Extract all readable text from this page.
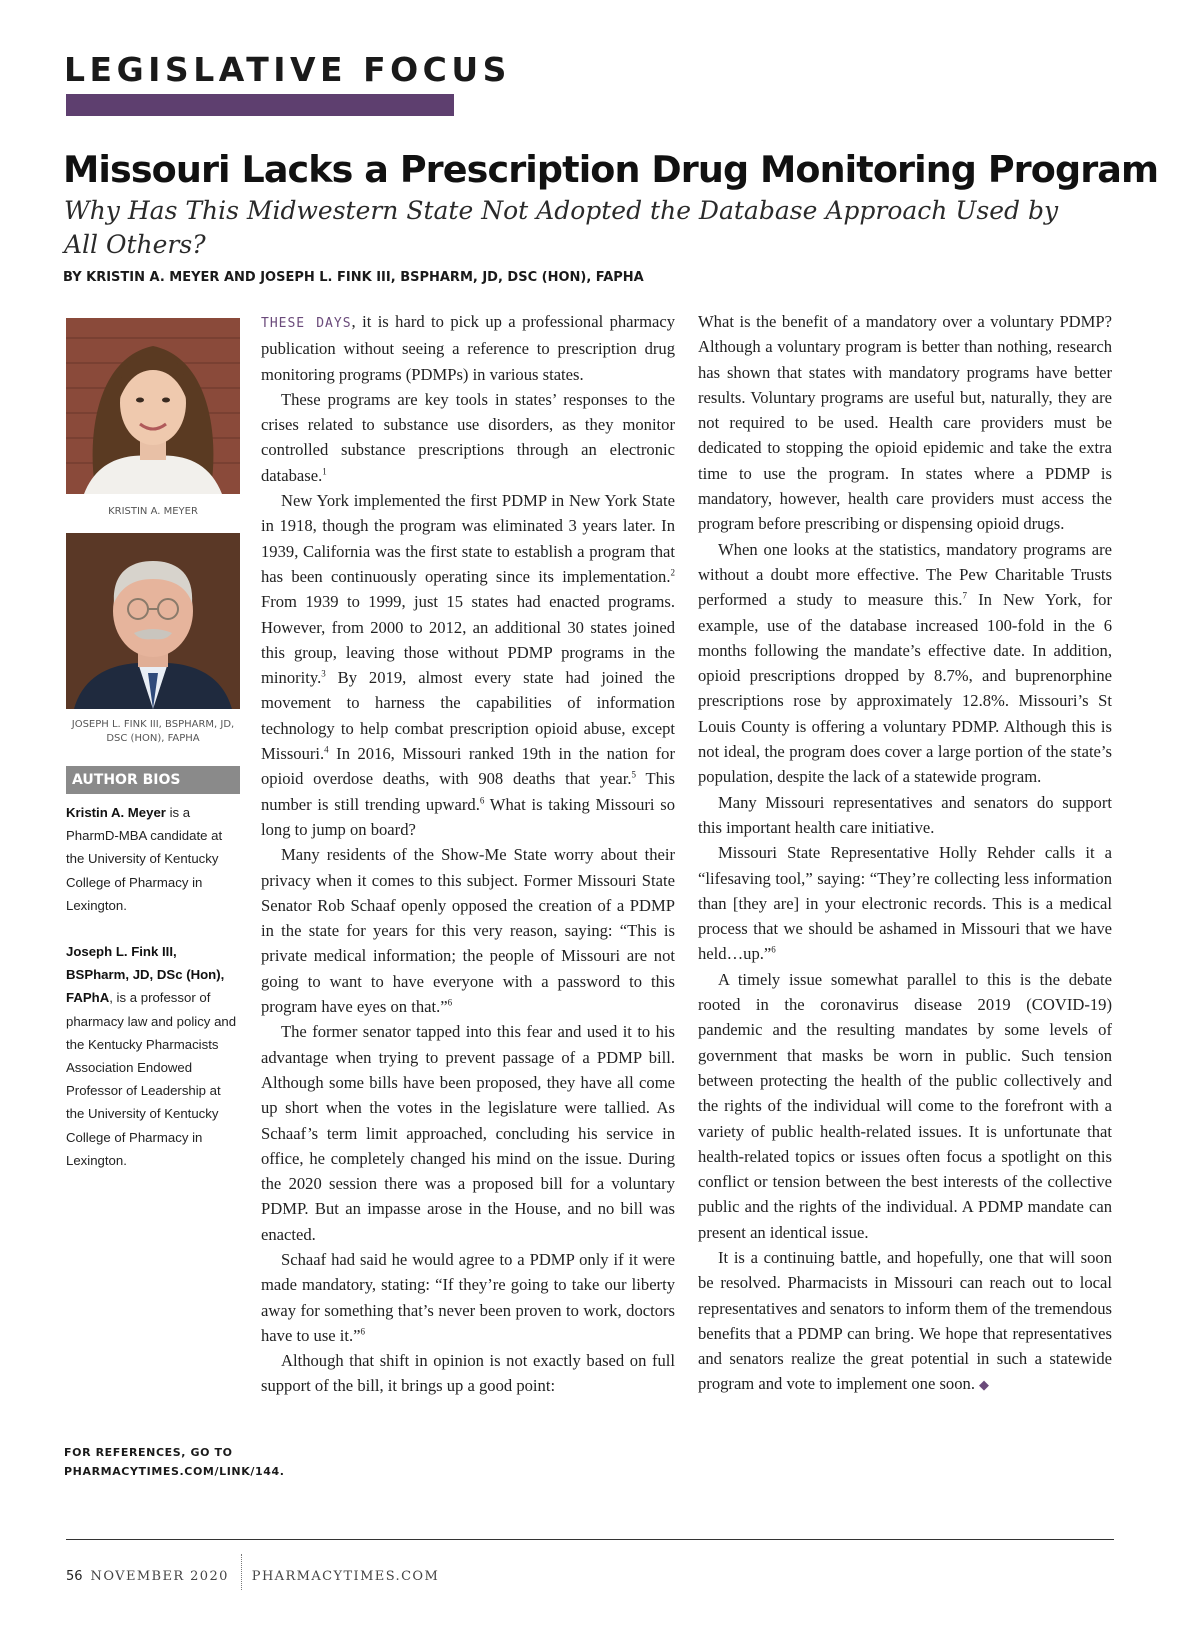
LEGISLATIVE FOCUS
Missouri Lacks a Prescription Drug Monitoring Program
Why Has This Midwestern State Not Adopted the Database Approach Used by All Others?
BY KRISTIN A. MEYER AND JOSEPH L. FINK III, BSPHARM, JD, DSC (HON), FAPHA
KRISTIN A. MEYER
JOSEPH L. FINK III, BSPHARM, JD, DSC (HON), FAPHA
AUTHOR BIOS

Kristin A. Meyer is a PharmD-MBA candidate at the University of Kentucky College of Pharmacy in Lexington.

Joseph L. Fink III, BSPharm, JD, DSc (Hon), FAPhA, is a professor of pharmacy law and policy and the Kentucky Pharmacists Association Endowed Professor of Leadership at the University of Kentucky College of Pharmacy in Lexington.

FOR REFERENCES, GO TO
PHARMACYTIMES.COM/LINK/144.

THESE DAYS, it is hard to pick up a professional pharmacy publication without seeing a reference to prescription drug monitoring programs (PDMPs) in various states.

These programs are key tools in states’ responses to the crises related to substance use disorders, as they monitor controlled substance prescriptions through an electronic database.$^1$

New York implemented the first PDMP in New York State in 1918, though the program was eliminated 3 years later. In 1939, California was the first state to establish a program that has been continuously operating since its implementation.$^2$ From 1939 to 1999, just 15 states had enacted programs. However, from 2000 to 2012, an additional 30 states joined this group, leaving those without PDMP programs in the minority.$^3$ By 2019, almost every state had joined the movement to harness the capabilities of information technology to help combat prescription opioid abuse, except Missouri.$^4$ In 2016, Missouri ranked 19th in the nation for opioid overdose deaths, with 908 deaths that year.$^5$ This number is still trending upward.$^6$ What is taking Missouri so long to jump on board?

Many residents of the Show-Me State worry about their privacy when it comes to this subject. Former Missouri State Senator Rob Schaaf openly opposed the creation of a PDMP in the state for years for this very reason, saying: “This is private medical information; the people of Missouri are not going to want to have everyone with a password to this program have eyes on that.”$^6$

The former senator tapped into this fear and used it to his advantage when trying to prevent passage of a PDMP bill. Although some bills have been proposed, they have all come up short when the votes in the legislature were tallied. As Schaaf’s term limit approached, concluding his service in office, he completely changed his mind on the issue. During the 2020 session there was a proposed bill for a voluntary PDMP. But an impasse arose in the House, and no bill was enacted.

Schaaf had said he would agree to a PDMP only if it were made mandatory, stating: “If they’re going to take our liberty away for something that’s never been proven to work, doctors have to use it.”$^6$

Although that shift in opinion is not exactly based on full support of the bill, it brings up a good point:

What is the benefit of a mandatory over a voluntary PDMP? Although a voluntary program is better than nothing, research has shown that states with mandatory programs have better results. Voluntary programs are useful but, naturally, they are not required to be used. Health care providers must be dedicated to stopping the opioid epidemic and take the extra time to use the program. In states where a PDMP is mandatory, however, health care providers must access the program before prescribing or dispensing opioid drugs.

When one looks at the statistics, mandatory programs are without a doubt more effective. The Pew Charitable Trusts performed a study to measure this.$^7$ In New York, for example, use of the database increased 100-fold in the 6 months following the mandate’s effective date. In addition, opioid prescriptions dropped by 8.7%, and buprenorphine prescriptions rose by approximately 12.8%. Missouri’s St Louis County is offering a voluntary PDMP. Although this is not ideal, the program does cover a large portion of the state’s population, despite the lack of a statewide program.

Many Missouri representatives and senators do support this important health care initiative.

Missouri State Representative Holly Rehder calls it a “lifesaving tool,” saying: “They’re collecting less information than [they are] in your electronic records. This is a medical process that we should be ashamed in Missouri that we have held…up.”$^6$

A timely issue somewhat parallel to this is the debate rooted in the coronavirus disease 2019 (COVID-19) pandemic and the resulting mandates by some levels of government that masks be worn in public. Such tension between protecting the health of the public collectively and the rights of the individual will come to the forefront with a variety of public health-related issues. It is unfortunate that health-related topics or issues often focus a spotlight on this conflict or tension between the best interests of the collective public and the rights of the individual. A PDMP mandate can present an identical issue.

It is a continuing battle, and hopefully, one that will soon be resolved. Pharmacists in Missouri can reach out to local representatives and senators to inform them of the tremendous benefits that a PDMP can bring. We hope that representatives and senators realize the great potential in such a statewide program and vote to implement one soon. ◆

56 NOVEMBER 2020 PHARMACYTIMES.COM
